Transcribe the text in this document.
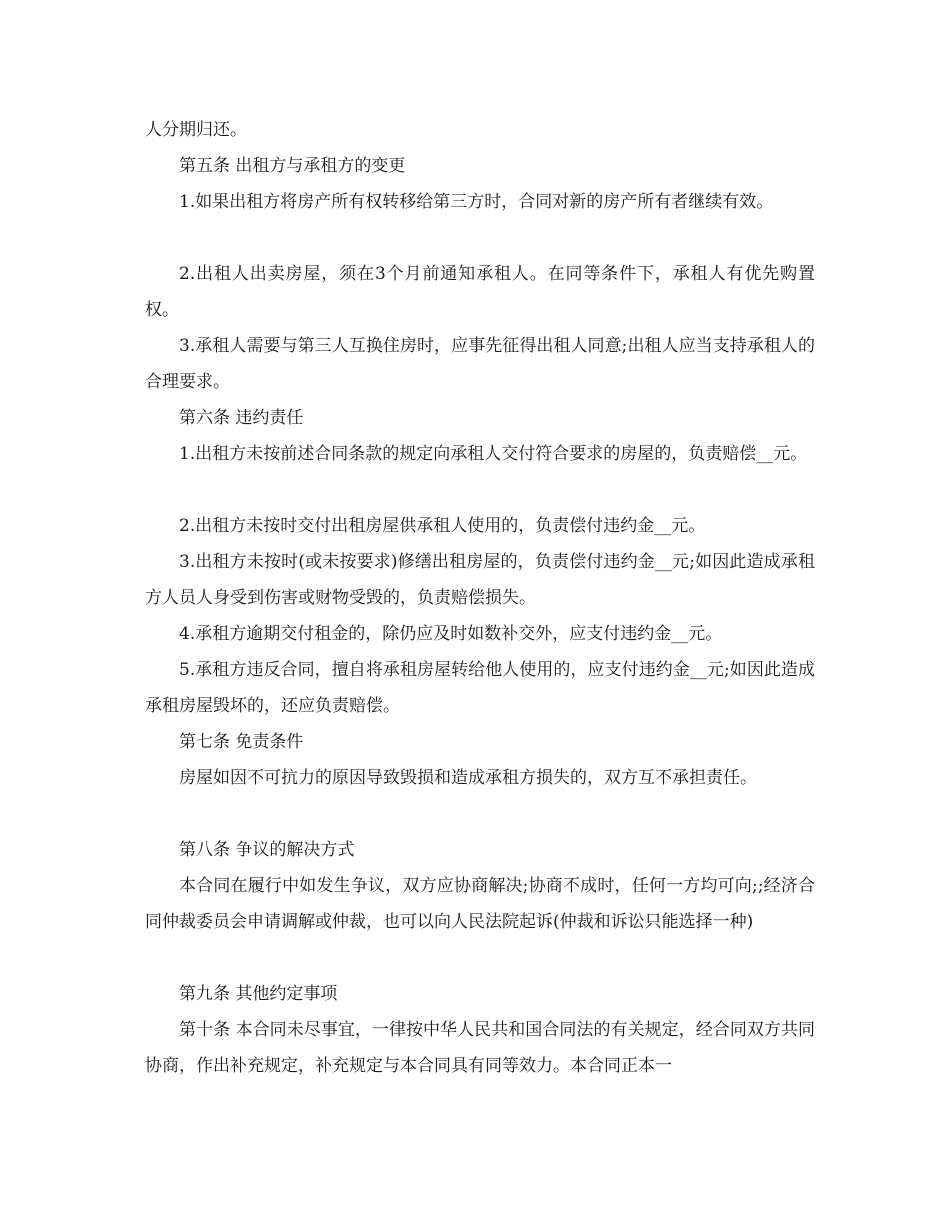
人分期归还。

第五条 出租方与承租方的变更

1.如果出租方将房产所有权转移给第三方时，合同对新的房产所有者继续有效。

2.出租人出卖房屋，须在3个月前通知承租人。在同等条件下，承租人有优先购置权。

3.承租人需要与第三人互换住房时，应事先征得出租人同意;出租人应当支持承租人的合理要求。

第六条 违约责任

1.出租方未按前述合同条款的规定向承租人交付符合要求的房屋的，负责赔偿__元。

2.出租方未按时交付出租房屋供承租人使用的，负责偿付违约金__元。

3.出租方未按时(或未按要求)修缮出租房屋的，负责偿付违约金__元;如因此造成承租方人员人身受到伤害或财物受毁的，负责赔偿损失。

4.承租方逾期交付租金的，除仍应及时如数补交外，应支付违约金__元。

5.承租方违反合同，擅自将承租房屋转给他人使用的，应支付违约金__元;如因此造成承租房屋毁坏的，还应负责赔偿。

第七条 免责条件

房屋如因不可抗力的原因导致毁损和造成承租方损失的，双方互不承担责任。

第八条 争议的解决方式

本合同在履行中如发生争议，双方应协商解决;协商不成时，任何一方均可向;;经济合同仲裁委员会申请调解或仲裁，也可以向人民法院起诉(仲裁和诉讼只能选择一种)

第九条 其他约定事项

第十条 本合同未尽事宜，一律按中华人民共和国合同法的有关规定，经合同双方共同协商，作出补充规定，补充规定与本合同具有同等效力。本合同正本一
